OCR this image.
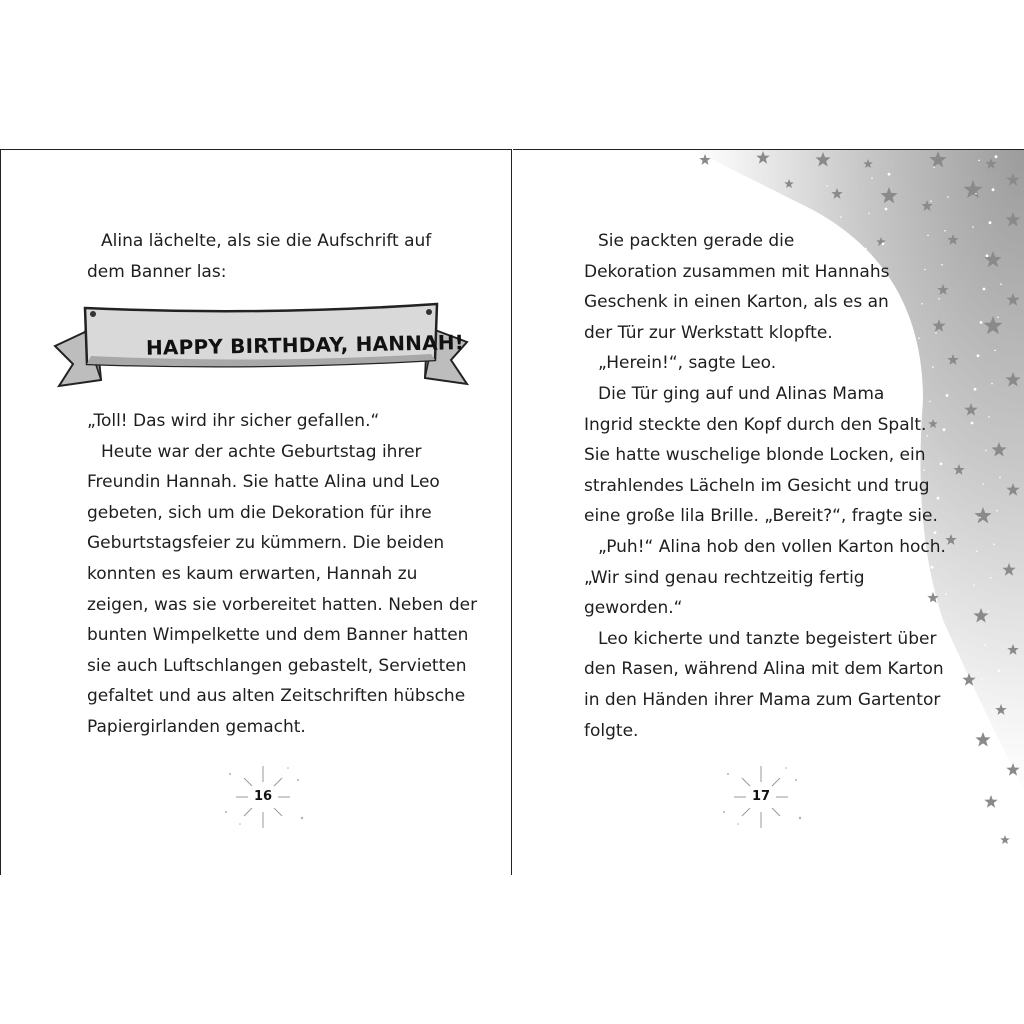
Alina lächelte, als sie die Aufschrift auf
dem Banner las:
HAPPY BIRTHDAY, HANNAH!
„Toll! Das wird ihr sicher gefallen.“
Heute war der achte Geburtstag ihrer
Freundin Hannah. Sie hatte Alina und Leo
gebeten, sich um die Dekoration für ihre
Geburtstagsfeier zu kümmern. Die beiden
konnten es kaum erwarten, Hannah zu
zeigen, was sie vorbereitet hatten. Neben der
bunten Wimpelkette und dem Banner hatten
sie auch Luftschlangen gebastelt, Servietten
gefaltet und aus alten Zeitschriften hübsche
Papiergirlanden gemacht.
16
Sie packten gerade die
Dekoration zusammen mit Hannahs
Geschenk in einen Karton, als es an
der Tür zur Werkstatt klopfte.
„Herein!“, sagte Leo.
Die Tür ging auf und Alinas Mama
Ingrid steckte den Kopf durch den Spalt.
Sie hatte wuschelige blonde Locken, ein
strahlendes Lächeln im Gesicht und trug
eine große lila Brille. „Bereit?“, fragte sie.
„Puh!“ Alina hob den vollen Karton hoch.
„Wir sind genau rechtzeitig fertig
geworden.“
Leo kicherte und tanzte begeistert über
den Rasen, während Alina mit dem Karton
in den Händen ihrer Mama zum Gartentor
folgte.
17
